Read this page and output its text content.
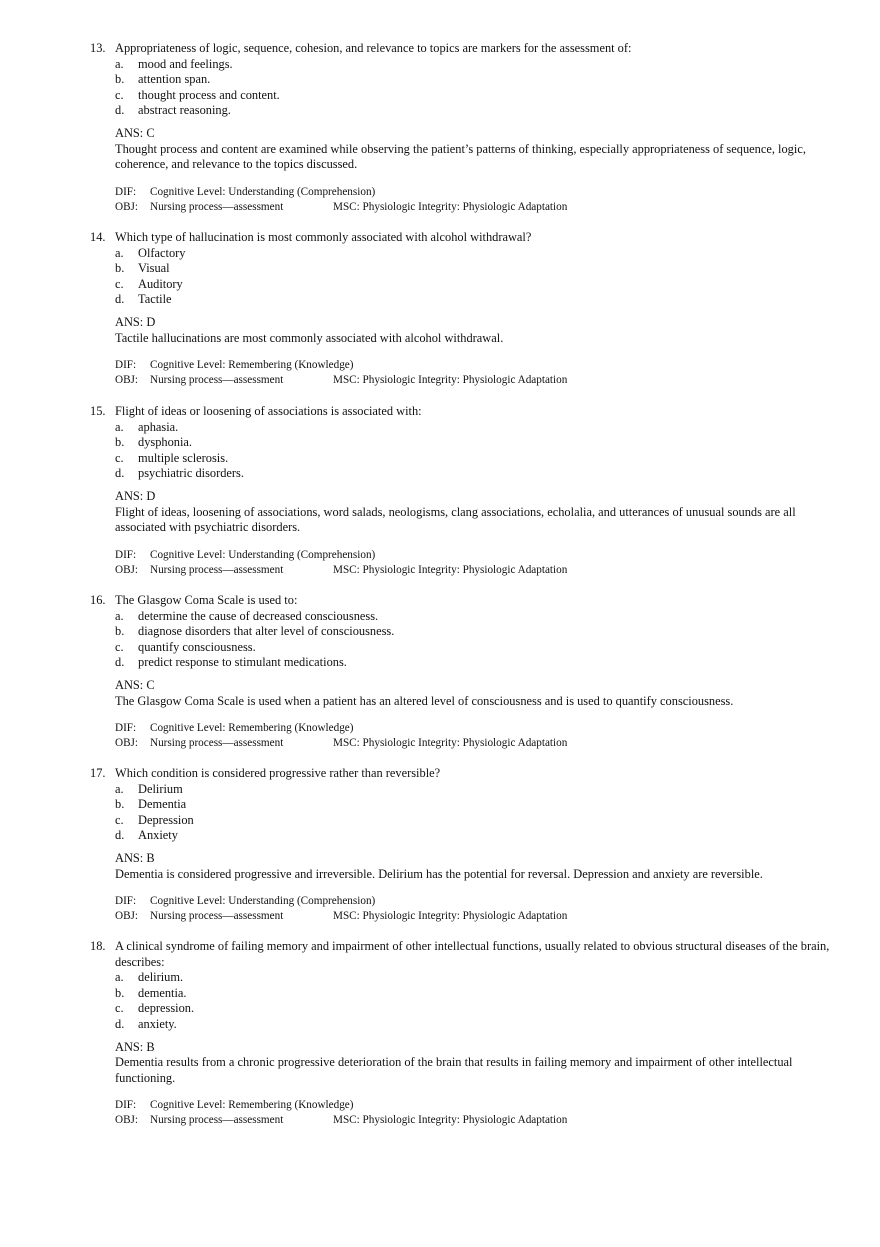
13. Appropriateness of logic, sequence, cohesion, and relevance to topics are markers for the assessment of:
a.	mood and feelings.
b.	attention span.
c.	thought process and content.
d.	abstract reasoning.
ANS: C
Thought process and content are examined while observing the patient’s patterns of thinking, especially appropriateness of sequence, logic, coherence, and relevance to the topics discussed.
DIF:	Cognitive Level: Understanding (Comprehension)
OBJ:	Nursing process—assessment	MSC: Physiologic Integrity: Physiologic Adaptation
14. Which type of hallucination is most commonly associated with alcohol withdrawal?
a.	Olfactory
b.	Visual
c.	Auditory
d.	Tactile
ANS: D
Tactile hallucinations are most commonly associated with alcohol withdrawal.
DIF:	Cognitive Level: Remembering (Knowledge)
OBJ:	Nursing process—assessment	MSC: Physiologic Integrity: Physiologic Adaptation
15. Flight of ideas or loosening of associations is associated with:
a.	aphasia.
b.	dysphonia.
c.	multiple sclerosis.
d.	psychiatric disorders.
ANS: D
Flight of ideas, loosening of associations, word salads, neologisms, clang associations, echolalia, and utterances of unusual sounds are all associated with psychiatric disorders.
DIF:	Cognitive Level: Understanding (Comprehension)
OBJ:	Nursing process—assessment	MSC: Physiologic Integrity: Physiologic Adaptation
16. The Glasgow Coma Scale is used to:
a.	determine the cause of decreased consciousness.
b.	diagnose disorders that alter level of consciousness.
c.	quantify consciousness.
d.	predict response to stimulant medications.
ANS: C
The Glasgow Coma Scale is used when a patient has an altered level of consciousness and is used to quantify consciousness.
DIF:	Cognitive Level: Remembering (Knowledge)
OBJ:	Nursing process—assessment	MSC: Physiologic Integrity: Physiologic Adaptation
17. Which condition is considered progressive rather than reversible?
a.	Delirium
b.	Dementia
c.	Depression
d.	Anxiety
ANS: B
Dementia is considered progressive and irreversible. Delirium has the potential for reversal. Depression and anxiety are reversible.
DIF:	Cognitive Level: Understanding (Comprehension)
OBJ:	Nursing process—assessment	MSC: Physiologic Integrity: Physiologic Adaptation
18. A clinical syndrome of failing memory and impairment of other intellectual functions, usually related to obvious structural diseases of the brain, describes:
a.	delirium.
b.	dementia.
c.	depression.
d.	anxiety.
ANS: B
Dementia results from a chronic progressive deterioration of the brain that results in failing memory and impairment of other intellectual functioning.
DIF:	Cognitive Level: Remembering (Knowledge)
OBJ:	Nursing process—assessment	MSC: Physiologic Integrity: Physiologic Adaptation
